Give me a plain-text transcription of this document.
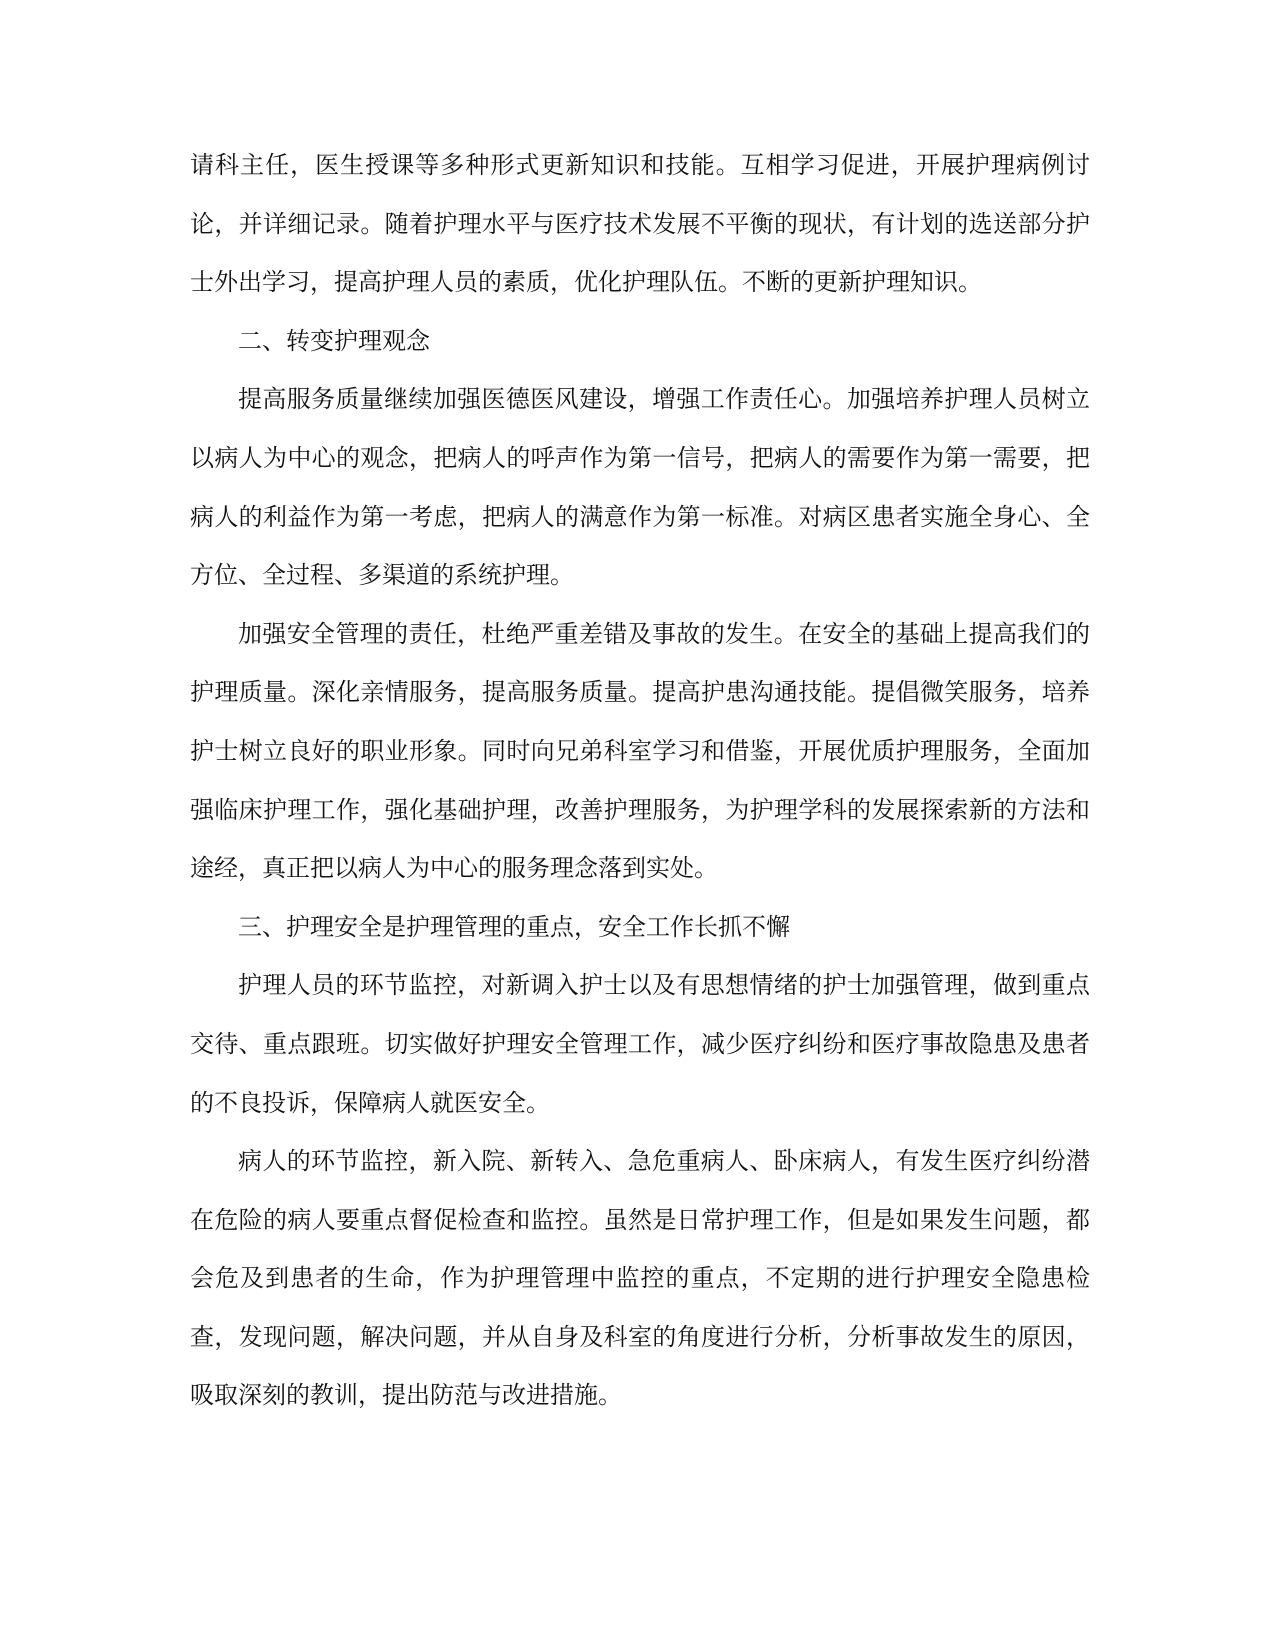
请科主任，医生授课等多种形式更新知识和技能。互相学习促进，开展护理病例讨论，并详细记录。随着护理水平与医疗技术发展不平衡的现状，有计划的选送部分护士外出学习，提高护理人员的素质，优化护理队伍。不断的更新护理知识。

二、转变护理观念

提高服务质量继续加强医德医风建设，增强工作责任心。加强培养护理人员树立以病人为中心的观念，把病人的呼声作为第一信号，把病人的需要作为第一需要，把病人的利益作为第一考虑，把病人的满意作为第一标准。对病区患者实施全身心、全方位、全过程、多渠道的系统护理。

加强安全管理的责任，杜绝严重差错及事故的发生。在安全的基础上提高我们的护理质量。深化亲情服务，提高服务质量。提高护患沟通技能。提倡微笑服务，培养护士树立良好的职业形象。同时向兄弟科室学习和借鉴，开展优质护理服务，全面加强临床护理工作，强化基础护理，改善护理服务，为护理学科的发展探索新的方法和途经，真正把以病人为中心的服务理念落到实处。

三、护理安全是护理管理的重点，安全工作长抓不懈

护理人员的环节监控，对新调入护士以及有思想情绪的护士加强管理，做到重点交待、重点跟班。切实做好护理安全管理工作，减少医疗纠纷和医疗事故隐患及患者的不良投诉，保障病人就医安全。

病人的环节监控，新入院、新转入、急危重病人、卧床病人，有发生医疗纠纷潜在危险的病人要重点督促检查和监控。虽然是日常护理工作，但是如果发生问题，都会危及到患者的生命，作为护理管理中监控的重点，不定期的进行护理安全隐患检查，发现问题，解决问题，并从自身及科室的角度进行分析，分析事故发生的原因，吸取深刻的教训，提出防范与改进措施。
